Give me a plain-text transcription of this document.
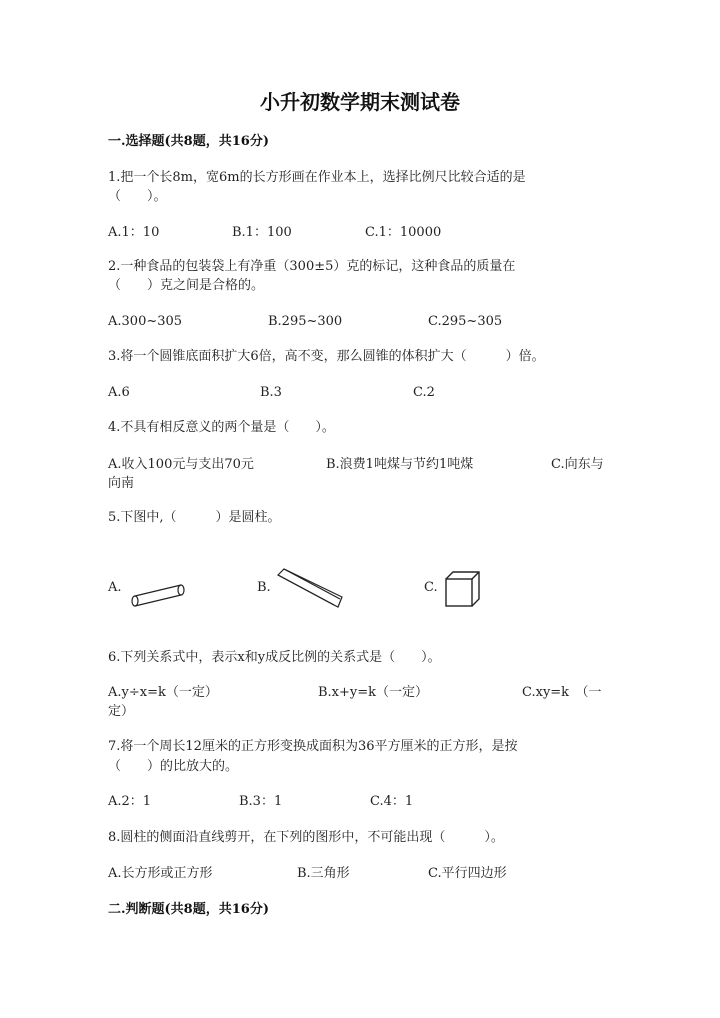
小升初数学期末测试卷
一.选择题(共8题，共16分)
1.把一个长8m，宽6m的长方形画在作业本上，选择比例尺比较合适的是
（　　）。
A.1：10	B.1：100	C.1：10000
2.一种食品的包装袋上有净重（300±5）克的标记，这种食品的质量在
（　　）克之间是合格的。
A.300~305	B.295~300	C.295~305
3.将一个圆锥底面积扩大6倍，高不变，那么圆锥的体积扩大（　　　）倍。
A.6	B.3	C.2
4.不具有相反意义的两个量是（　　）。
A.收入100元与支出70元	B.浪费1吨煤与节约1吨煤	C.向东与
向南
5.下图中,（　　　）是圆柱。
A.	B.	C.
6.下列关系式中，表示x和y成反比例的关系式是（　　）。
A.y÷x=k（一定）	B.x+y=k（一定）	C.xy=k　（一
定）
7.将一个周长12厘米的正方形变换成面积为36平方厘米的正方形，是按
（　　）的比放大的。
A.2：1	B.3：1	C.4：1
8.圆柱的侧面沿直线剪开，在下列的图形中，不可能出现（　　　）。
A.长方形或正方形	B.三角形	C.平行四边形
二.判断题(共8题，共16分)
